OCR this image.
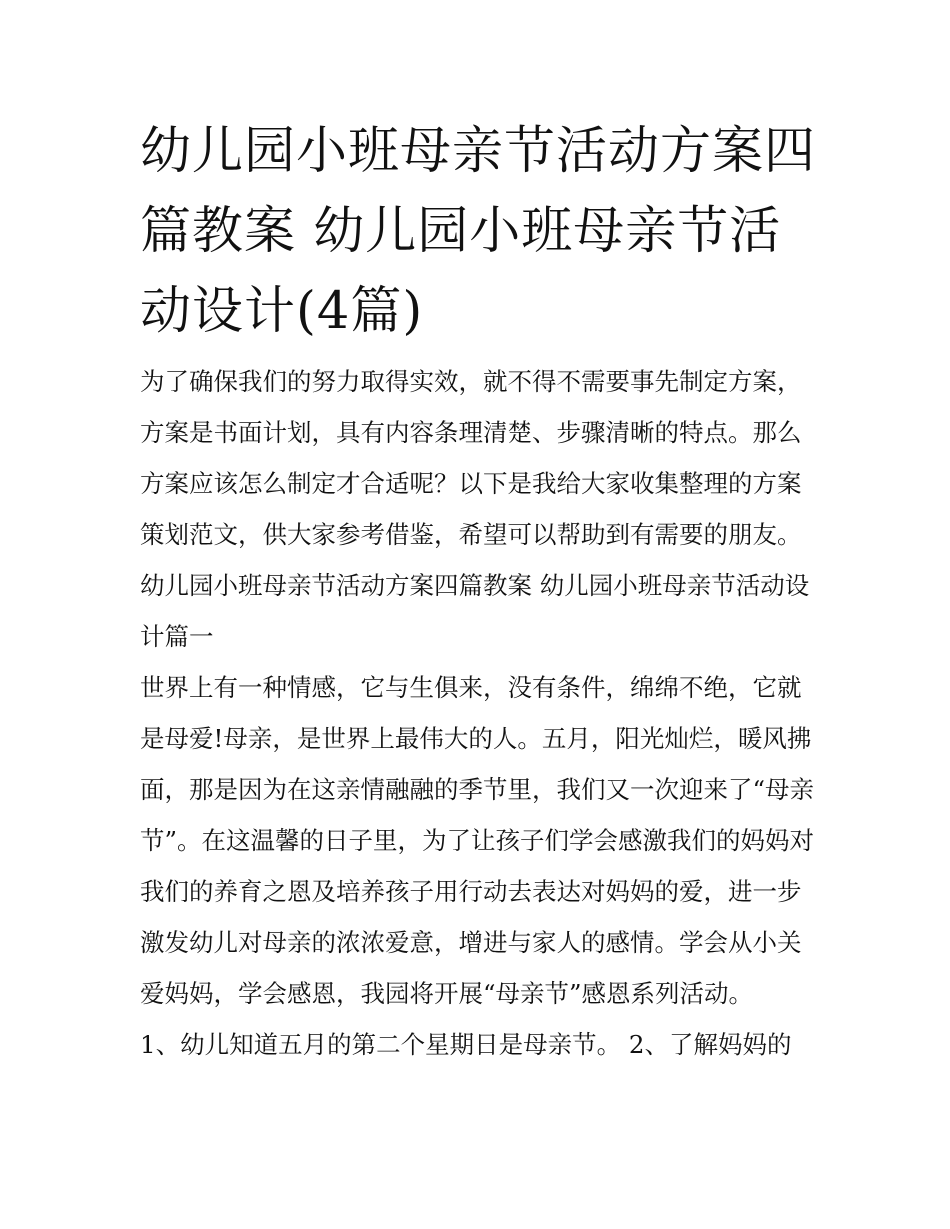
幼儿园小班母亲节活动方案四篇教案 幼儿园小班母亲节活动设计(4篇)

为了确保我们的努力取得实效，就不得不需要事先制定方案，方案是书面计划，具有内容条理清楚、步骤清晰的特点。那么方案应该怎么制定才合适呢？以下是我给大家收集整理的方案策划范文，供大家参考借鉴，希望可以帮助到有需要的朋友。

幼儿园小班母亲节活动方案四篇教案 幼儿园小班母亲节活动设计篇一

世界上有一种情感，它与生俱来，没有条件，绵绵不绝，它就是母爱!母亲，是世界上最伟大的人。五月，阳光灿烂，暖风拂面，那是因为在这亲情融融的季节里，我们又一次迎来了“母亲节”。在这温馨的日子里，为了让孩子们学会感激我们的妈妈对我们的养育之恩及培养孩子用行动去表达对妈妈的爱，进一步激发幼儿对母亲的浓浓爱意，增进与家人的感情。学会从小关爱妈妈，学会感恩，我园将开展“母亲节”感恩系列活动。

1、幼儿知道五月的第二个星期日是母亲节。 2、了解妈妈的
